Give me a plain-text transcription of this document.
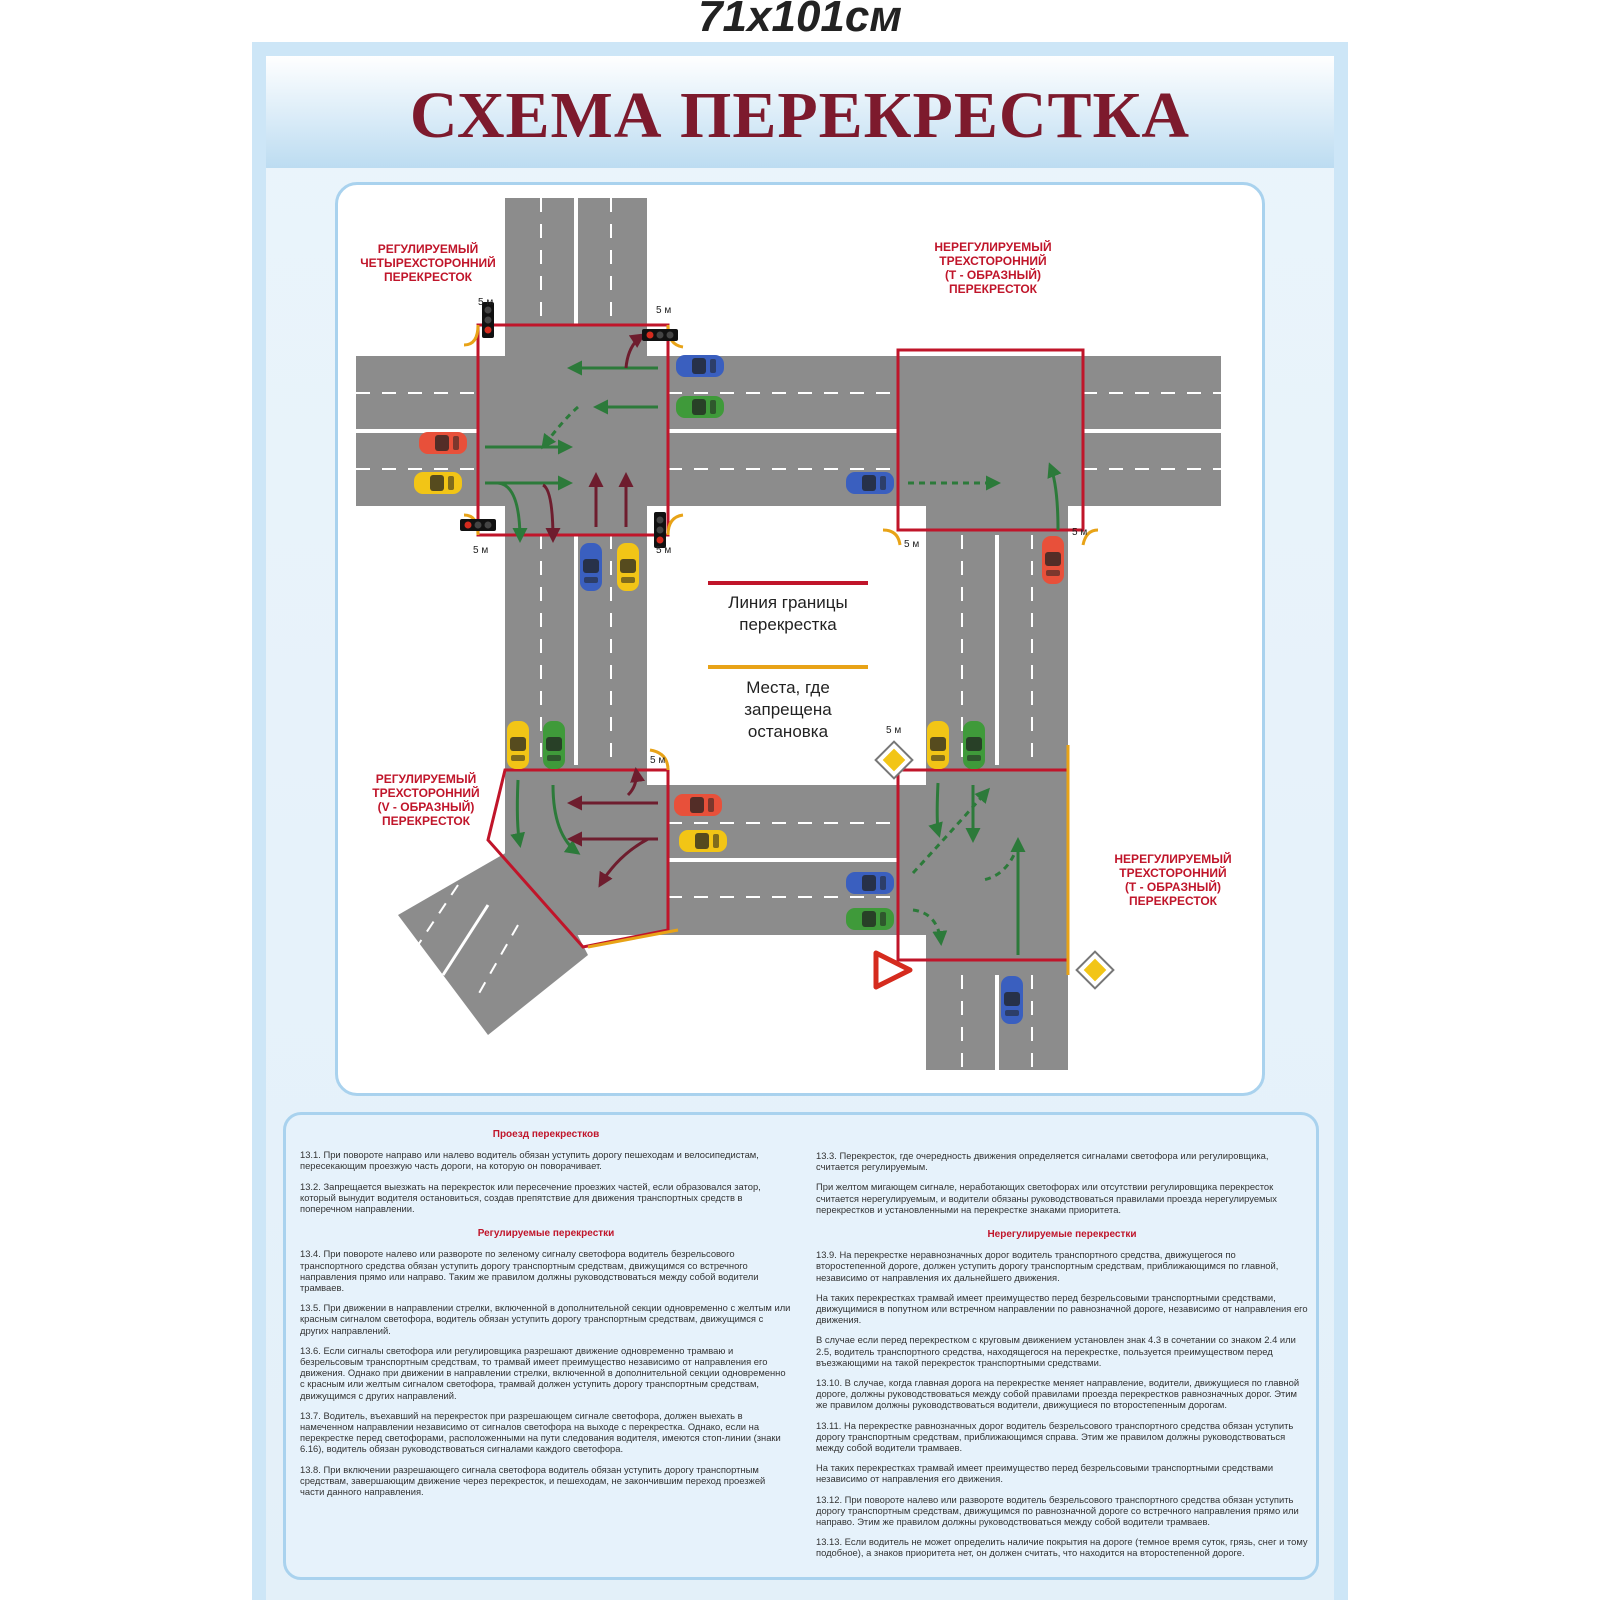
71x101см
СХЕМА ПЕРЕКРЕСТКА
5 м
5 м
5 м	5 м
5 м
5 м
5 м
5 м
РЕГУЛИРУЕМЫЙ
ЧЕТЫРЕХСТОРОННИЙ
ПЕРЕКРЕСТОК
НЕРЕГУЛИРУЕМЫЙ
ТРЕХСТОРОННИЙ
(Т - ОБРАЗНЫЙ)
ПЕРЕКРЕСТОК
РЕГУЛИРУЕМЫЙ
ТРЕХСТОРОННИЙ
(V - ОБРАЗНЫЙ)
ПЕРЕКРЕСТОК
НЕРЕГУЛИРУЕМЫЙ
ТРЕХСТОРОННИЙ
(Т - ОБРАЗНЫЙ)
ПЕРЕКРЕСТОК
Линия границы
перекрестка
Места, где
запрещена
остановка
Проезд перекрестков

13.1. При повороте направо или налево водитель обязан уступить дорогу пешеходам и велосипедистам, пересекающим проезжую часть дороги, на которую он поворачивает.

13.2. Запрещается выезжать на перекресток или пересечение проезжих частей, если образовался затор, который вынудит водителя остановиться, создав препятствие для движения транспортных средств в поперечном направлении.

Регулируемые перекрестки

13.4. При повороте налево или развороте по зеленому сигналу светофора водитель безрельсового транспортного средства обязан уступить дорогу транспортным средствам, движущимся со встречного направления прямо или направо. Таким же правилом должны руководствоваться между собой водители трамваев.

13.5. При движении в направлении стрелки, включенной в дополнительной секции одновременно с желтым или красным сигналом светофора, водитель обязан уступить дорогу транспортным средствам, движущимся с других направлений.

13.6. Если сигналы светофора или регулировщика разрешают движение одновременно трамваю и безрельсовым транспортным средствам, то трамвай имеет преимущество независимо от направления его движения. Однако при движении в направлении стрелки, включенной в дополнительной секции одновременно с красным или желтым сигналом светофора, трамвай должен уступить дорогу транспортным средствам, движущимся с других направлений.

13.7. Водитель, въехавший на перекресток при разрешающем сигнале светофора, должен выехать в намеченном направлении независимо от сигналов светофора на выходе с перекрестка. Однако, если на перекрестке перед светофорами, расположенными на пути следования водителя, имеются стоп-линии (знаки 6.16), водитель обязан руководствоваться сигналами каждого светофора.

13.8. При включении разрешающего сигнала светофора водитель обязан уступить дорогу транспортным средствам, завершающим движение через перекресток, и пешеходам, не закончившим переход проезжей части данного направления.

13.3. Перекресток, где очередность движения определяется сигналами светофора или регулировщика, считается регулируемым.

При желтом мигающем сигнале, неработающих светофорах или отсутствии регулировщика перекресток считается нерегулируемым, и водители обязаны руководствоваться правилами проезда нерегулируемых перекрестков и установленными на перекрестке знаками приоритета.

Нерегулируемые перекрестки

13.9. На перекрестке неравнозначных дорог водитель транспортного средства, движущегося по второстепенной дороге, должен уступить дорогу транспортным средствам, приближающимся по главной, независимо от направления их дальнейшего движения.

На таких перекрестках трамвай имеет преимущество перед безрельсовыми транспортными средствами, движущимися в попутном или встречном направлении по равнозначной дороге, независимо от направления его движения.

В случае если перед перекрестком с круговым движением установлен знак 4.3 в сочетании со знаком 2.4 или 2.5, водитель транспортного средства, находящегося на перекрестке, пользуется преимуществом перед въезжающими на такой перекресток транспортными средствами.

13.10. В случае, когда главная дорога на перекрестке меняет направление, водители, движущиеся по главной дороге, должны руководствоваться между собой правилами проезда перекрестков равнозначных дорог. Этим же правилом должны руководствоваться водители, движущиеся по второстепенным дорогам.

13.11. На перекрестке равнозначных дорог водитель безрельсового транспортного средства обязан уступить дорогу транспортным средствам, приближающимся справа. Этим же правилом должны руководствоваться между собой водители трамваев.

На таких перекрестках трамвай имеет преимущество перед безрельсовыми транспортными средствами независимо от направления его движения.

13.12. При повороте налево или развороте водитель безрельсового транспортного средства обязан уступить дорогу транспортным средствам, движущимся по равнозначной дороге со встречного направления прямо или направо. Этим же правилом должны руководствоваться между собой водители трамваев.

13.13. Если водитель не может определить наличие покрытия на дороге (темное время суток, грязь, снег и тому подобное), а знаков приоритета нет, он должен считать, что находится на второстепенной дороге.
